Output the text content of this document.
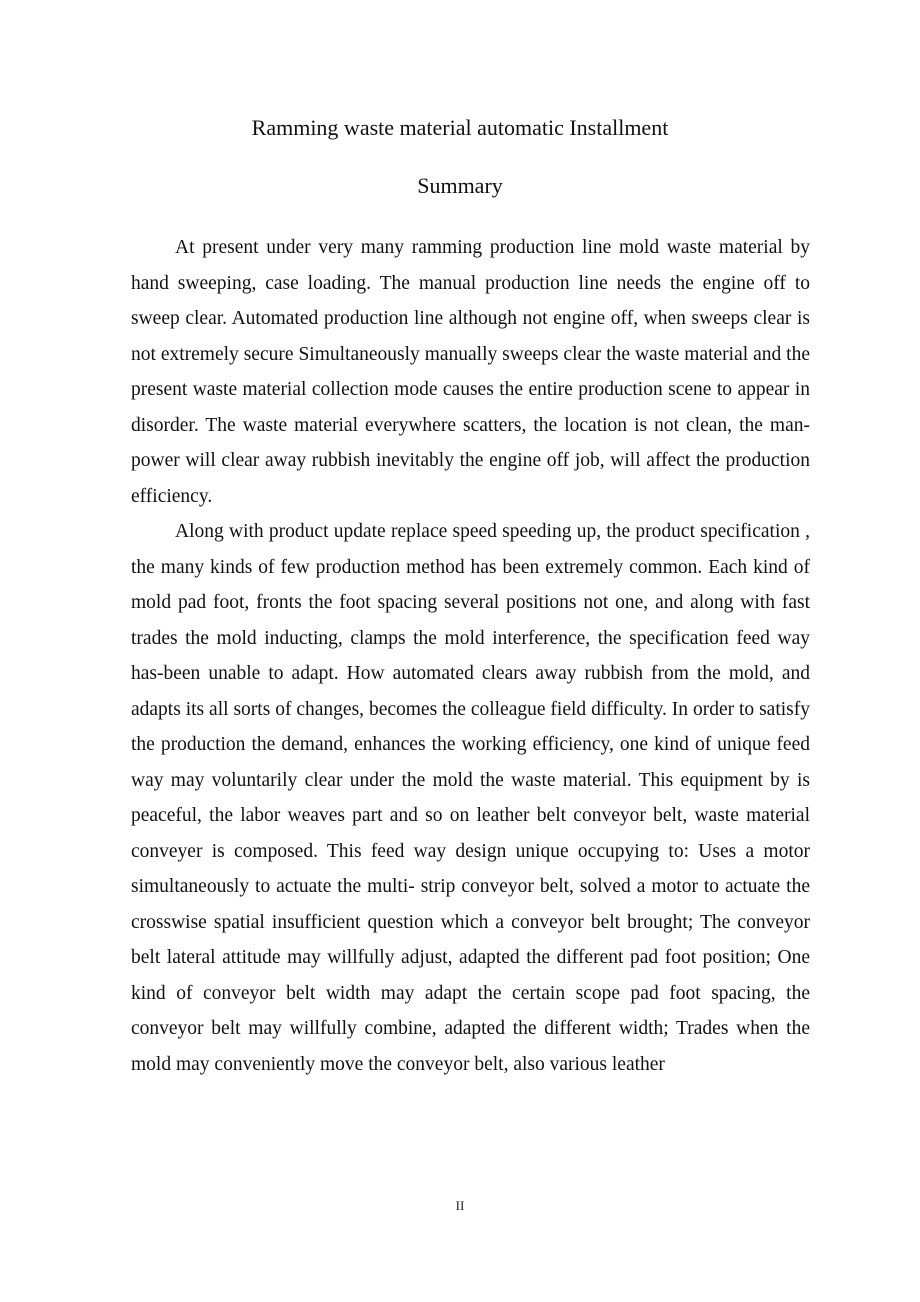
Ramming waste material automatic Installment
Summary

At present under very many ramming production line mold waste material by hand sweeping, case loading. The manual production line needs the engine off to sweep clear. Automated production line although not engine off, when sweeps clear is not extremely secure Simultaneously manually sweeps clear the waste material and the present waste material collection mode causes the entire production scene to appear in disorder. The waste material everywhere scatters, the location is not clean, the man-power will clear away rubbish inevitably the engine off job, will affect the production efficiency.

Along with product update replace speed speeding up, the product specification , the many kinds of few production method has been extremely common. Each kind of mold pad foot, fronts the foot spacing several positions not one, and along with fast trades the mold inducting, clamps the mold interference, the specification feed way has-been unable to adapt. How automated clears away rubbish from the mold, and adapts its all sorts of changes, becomes the colleague field difficulty. In order to satisfy the production the demand, enhances the working efficiency, one kind of unique feed way may voluntarily clear under the mold the waste material. This equipment by is peaceful, the labor weaves part and so on leather belt conveyor belt, waste material conveyer is composed. This feed way design unique occupying to: Uses a motor simultaneously to actuate the multi- strip conveyor belt, solved a motor to actuate the crosswise spatial insufficient question which a conveyor belt brought; The conveyor belt lateral attitude may willfully adjust, adapted the different pad foot position; One kind of conveyor belt width may adapt the certain scope pad foot spacing, the conveyor belt may willfully combine, adapted the different width; Trades when the mold may conveniently move the conveyor belt, also various leather

II
